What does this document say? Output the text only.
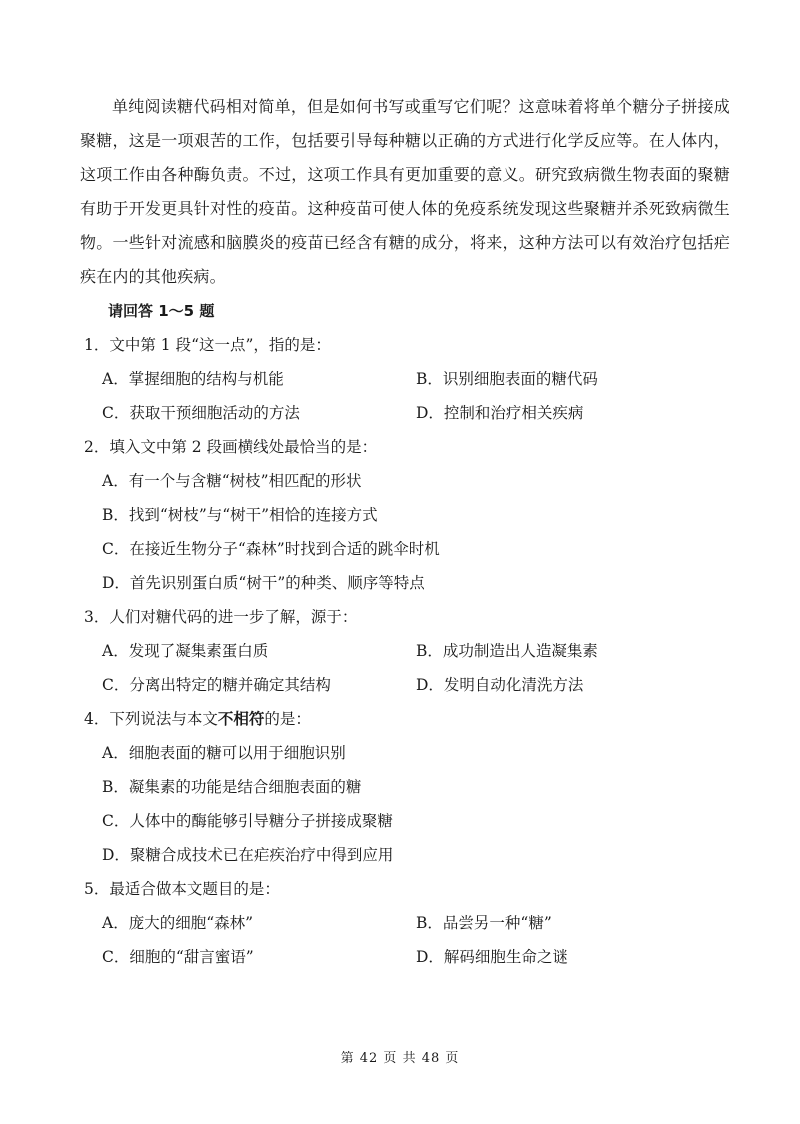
单纯阅读糖代码相对简单，但是如何书写或重写它们呢？这意味着将单个糖分子拼接成聚糖，这是一项艰苦的工作，包括要引导每种糖以正确的方式进行化学反应等。在人体内，这项工作由各种酶负责。不过，这项工作具有更加重要的意义。研究致病微生物表面的聚糖有助于开发更具针对性的疫苗。这种疫苗可使人体的免疫系统发现这些聚糖并杀死致病微生物。一些针对流感和脑膜炎的疫苗已经含有糖的成分，将来，这种方法可以有效治疗包括疟疾在内的其他疾病。

请回答 1～5 题

1．文中第 1 段“这一点”，指的是：
A．掌握细胞的结构与机能	B．识别细胞表面的糖代码
C．获取干预细胞活动的方法	D．控制和治疗相关疾病
2．填入文中第 2 段画横线处最恰当的是：
A．有一个与含糖“树枝”相匹配的形状
B．找到“树枝”与“树干”相恰的连接方式
C．在接近生物分子“森林”时找到合适的跳伞时机
D．首先识别蛋白质“树干”的种类、顺序等特点
3．人们对糖代码的进一步了解，源于：
A．发现了凝集素蛋白质	B．成功制造出人造凝集素
C．分离出特定的糖并确定其结构	D．发明自动化清洗方法
4．下列说法与本文不相符的是：
A．细胞表面的糖可以用于细胞识别
B．凝集素的功能是结合细胞表面的糖
C．人体中的酶能够引导糖分子拼接成聚糖
D．聚糖合成技术已在疟疾治疗中得到应用
5．最适合做本文题目的是：
A．庞大的细胞“森林”	B．品尝另一种“糖”
C．细胞的“甜言蜜语”	D．解码细胞生命之谜
第 42 页 共 48 页
